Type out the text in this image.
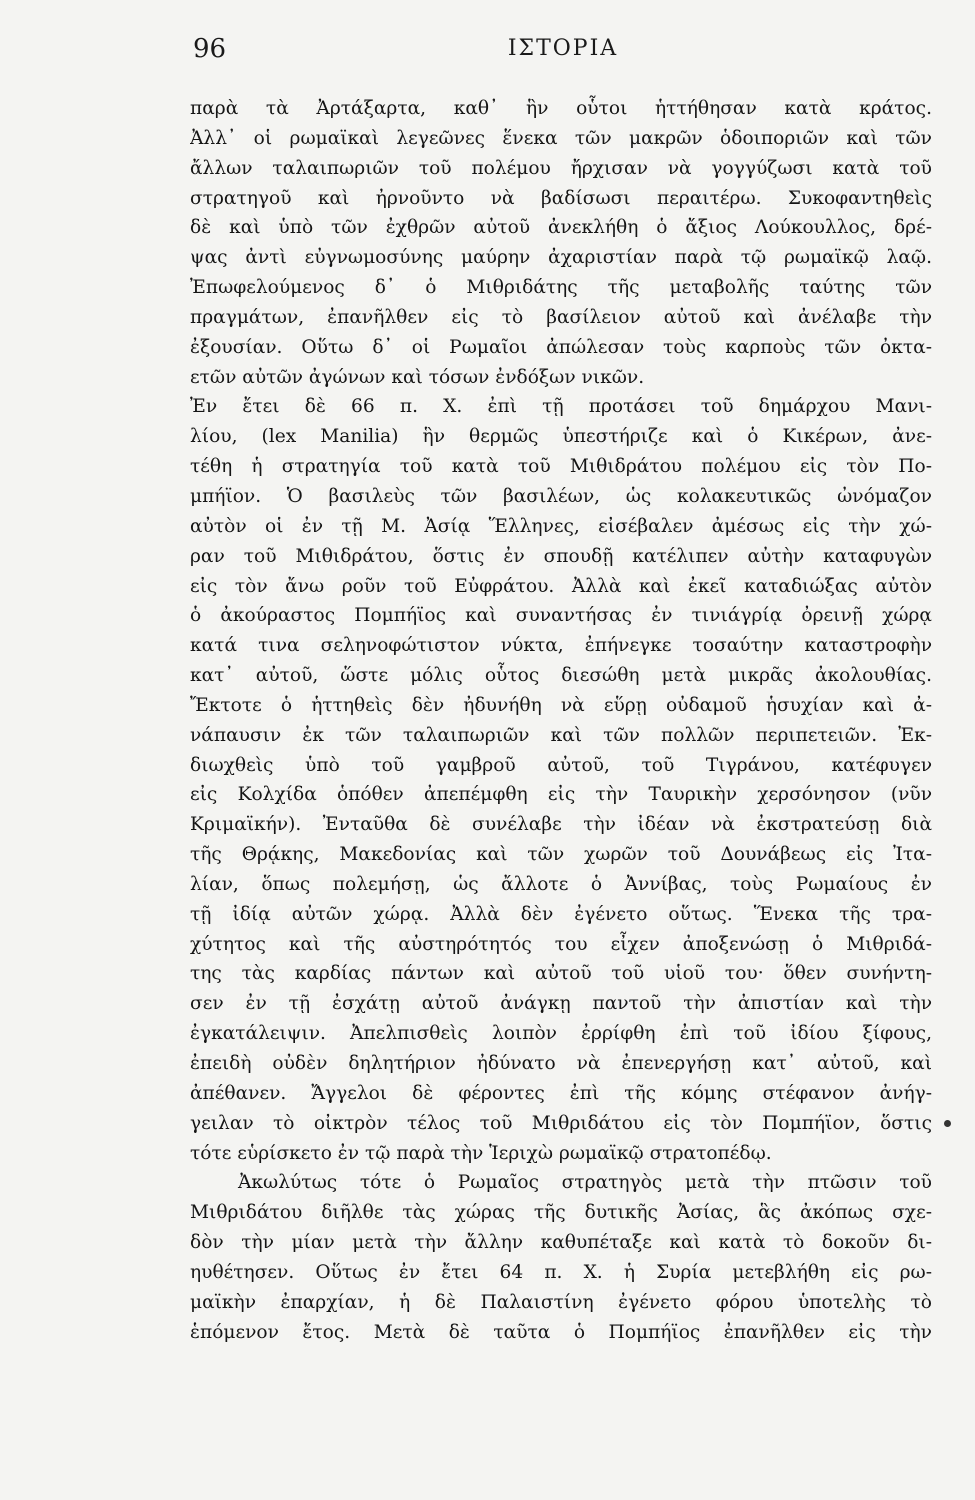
96	ΙΣΤΟΡΙΑ
παρὰ τὰ Ἀρτάξαρτα, καθ᾽ ἣν οὗτοι ἡττήθησαν κατὰ κράτος.
Ἀλλ᾽ οἱ ρωμαϊκαὶ λεγεῶνες ἕνεκα τῶν μακρῶν ὁδοιποριῶν καὶ τῶν
ἄλλων ταλαιπωριῶν τοῦ πολέμου ἤρχισαν νὰ γογγύζωσι κατὰ τοῦ
στρατηγοῦ καὶ ἠρνοῦντο νὰ βαδίσωσι περαιτέρω. Συκοφαντηθεὶς
δὲ καὶ ὑπὸ τῶν ἐχθρῶν αὐτοῦ ἀνεκλήθη ὁ ἄξιος Λούκουλλος, δρέ-
ψας ἀντὶ εὐγνωμοσύνης μαύρην ἀχαριστίαν παρὰ τῷ ρωμαϊκῷ λαῷ.
Ἐπωφελούμενος δ᾽ ὁ Μιθριδάτης τῆς μεταβολῆς ταύτης τῶν
πραγμάτων, ἐπανῆλθεν εἰς τὸ βασίλειον αὐτοῦ καὶ ἀνέλαβε τὴν
ἐξουσίαν. Οὕτω δ᾽ οἱ Ρωμαῖοι ἀπώλεσαν τοὺς καρποὺς τῶν ὀκτα-
ετῶν αὐτῶν ἀγώνων καὶ τόσων ἐνδόξων νικῶν.
Ἐν ἔτει δὲ 66 π. Χ. ἐπὶ τῇ προτάσει τοῦ δημάρχου Μανι-
λίου, (lex Manilia) ἣν θερμῶς ὑπεστήριζε καὶ ὁ Κικέρων, ἀνε-
τέθη ἡ στρατηγία τοῦ κατὰ τοῦ Μιθιδράτου πολέμου εἰς τὸν Πο-
μπήϊον. Ὁ βασιλεὺς τῶν βασιλέων, ὡς κολακευτικῶς ὠνόμαζον
αὐτὸν οἱ ἐν τῇ Μ. Ἀσίᾳ Ἕλληνες, εἰσέβαλεν ἀμέσως εἰς τὴν χώ-
ραν τοῦ Μιθιδράτου, ὅστις ἐν σπουδῇ κατέλιπεν αὐτὴν καταφυγὼν
εἰς τὸν ἄνω ροῦν τοῦ Εὐφράτου. Ἀλλὰ καὶ ἐκεῖ καταδιώξας αὐτὸν
ὁ ἀκούραστος Πομπήϊος καὶ συναντήσας ἐν τινιάγρίᾳ ὀρεινῇ χώρᾳ
κατά τινα σεληνοφώτιστον νύκτα, ἐπήνεγκε τοσαύτην καταστροφὴν
κατ᾽ αὐτοῦ, ὥστε μόλις οὗτος διεσώθη μετὰ μικρᾶς ἀκολουθίας.
Ἔκτοτε ὁ ἡττηθεὶς δὲν ἠδυνήθη νὰ εὕρῃ οὐδαμοῦ ἡσυχίαν καὶ ἀ-
νάπαυσιν ἐκ τῶν ταλαιπωριῶν καὶ τῶν πολλῶν περιπετειῶν. Ἐκ-
διωχθεὶς ὑπὸ τοῦ γαμβροῦ αὐτοῦ, τοῦ Τιγράνου, κατέφυγεν
εἰς Κολχίδα ὁπόθεν ἀπεπέμφθη εἰς τὴν Ταυρικὴν χερσόνησον (νῦν
Κριμαϊκήν). Ἐνταῦθα δὲ συνέλαβε τὴν ἰδέαν νὰ ἐκστρατεύσῃ διὰ
τῆς Θρᾴκης, Μακεδονίας καὶ τῶν χωρῶν τοῦ Δουνάβεως εἰς Ἰτα-
λίαν, ὅπως πολεμήσῃ, ὡς ἄλλοτε ὁ Ἀννίβας, τοὺς Ρωμαίους ἐν
τῇ ἰδίᾳ αὐτῶν χώρᾳ. Ἀλλὰ δὲν ἐγένετο οὕτως. Ἕνεκα τῆς τρα-
χύτητος καὶ τῆς αὐστηρότητός του εἶχεν ἀποξενώσῃ ὁ Μιθριδά-
της τὰς καρδίας πάντων καὶ αὐτοῦ τοῦ υἱοῦ του· ὅθεν συνήντη-
σεν ἐν τῇ ἐσχάτῃ αὐτοῦ ἀνάγκῃ παντοῦ τὴν ἀπιστίαν καὶ τὴν
ἐγκατάλειψιν. Ἀπελπισθεὶς λοιπὸν ἐρρίφθη ἐπὶ τοῦ ἰδίου ξίφους,
ἐπειδὴ οὐδὲν δηλητήριον ἠδύνατο νὰ ἐπενεργήσῃ κατ᾽ αὐτοῦ, καὶ
ἀπέθανεν. Ἄγγελοι δὲ φέροντες ἐπὶ τῆς κόμης στέφανον ἀνήγ-
γειλαν τὸ οἰκτρὸν τέλος τοῦ Μιθριδάτου εἰς τὸν Πομπήϊον, ὅστις
τότε εὑρίσκετο ἐν τῷ παρὰ τὴν Ἱεριχὼ ρωμαϊκῷ στρατοπέδῳ.
Ἀκωλύτως τότε ὁ Ρωμαῖος στρατηγὸς μετὰ τὴν πτῶσιν τοῦ
Μιθριδάτου διῆλθε τὰς χώρας τῆς δυτικῆς Ἀσίας, ἃς ἀκόπως σχε-
δὸν τὴν μίαν μετὰ τὴν ἄλλην καθυπέταξε καὶ κατὰ τὸ δοκοῦν δι-
ηυθέτησεν. Οὕτως ἐν ἔτει 64 π. Χ. ἡ Συρία μετεβλήθη εἰς ρω-
μαϊκὴν ἐπαρχίαν, ἡ δὲ Παλαιστίνη ἐγένετο φόρου ὑποτελὴς τὸ
ἑπόμενον ἔτος. Μετὰ δὲ ταῦτα ὁ Πομπήϊος ἐπανῆλθεν εἰς τὴν
